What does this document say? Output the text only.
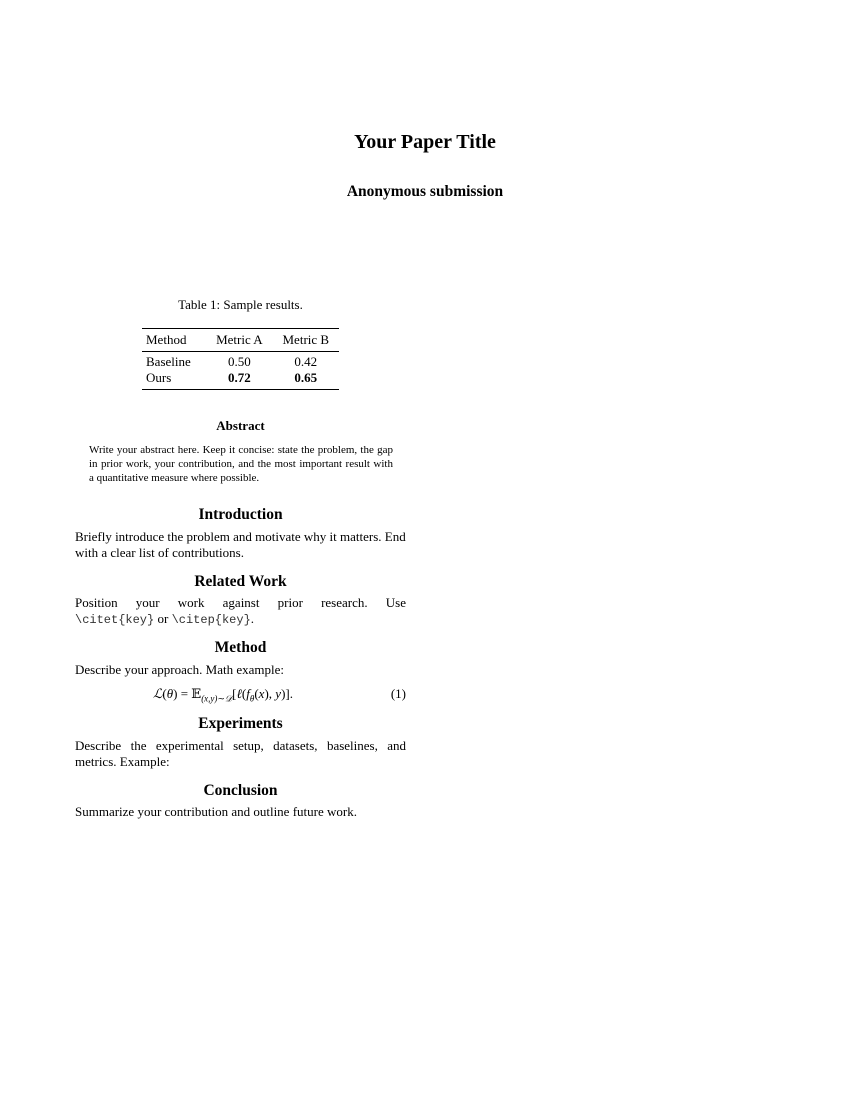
Your Paper Title
Anonymous submission
Table 1: Sample results.
Method	Metric A	Metric B
Baseline	0.50	0.42
Ours	0.72	0.65
Abstract
Write your abstract here. Keep it concise: state the problem, the gap in prior work, your contribution, and the most important result with a quantitative measure where possible.
Introduction
Briefly introduce the problem and motivate why it matters. End with a clear list of contributions.
Related Work
Position your work against prior research. Use
\citet{key} or \citep{key}.
Method
Describe your approach. Math example:
ℒ(θ) = $𝔼_{(x,y)\sim 𝒟}[\ell(f_\theta(x)$, y)].	(1)
Experiments
Describe the experimental setup, datasets, baselines, and metrics. Example:
Conclusion
Summarize your contribution and outline future work.
